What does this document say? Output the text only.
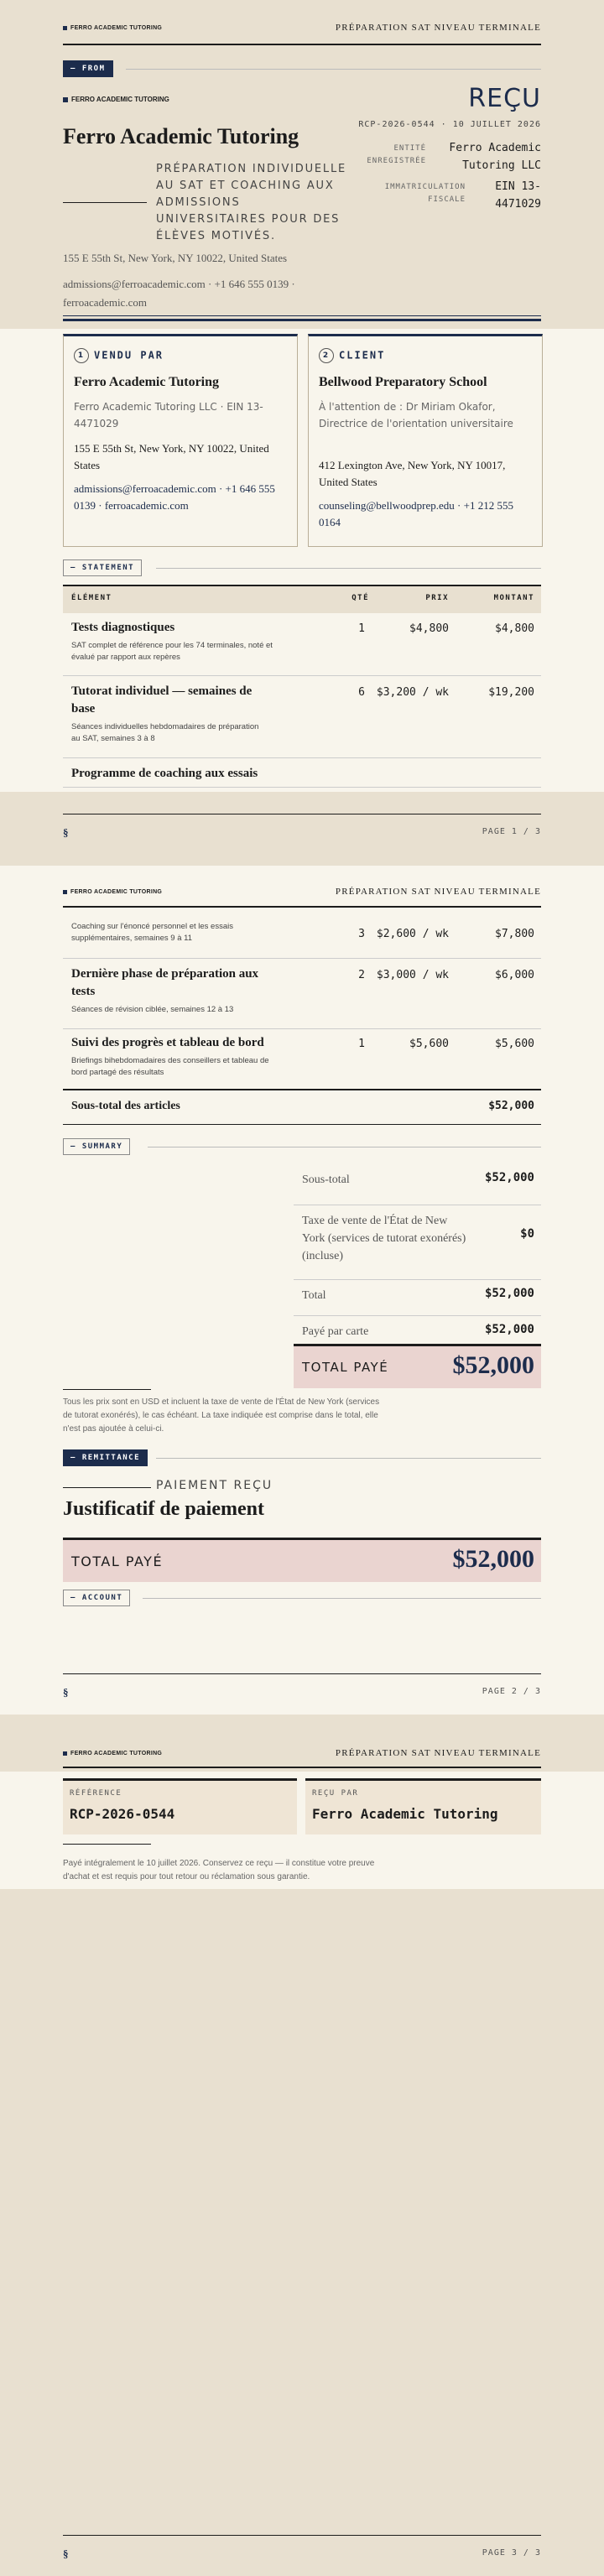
FERRO ACADEMIC TUTORING	PRÉPARATION SAT NIVEAU TERMINALE
— FROM
FERRO ACADEMIC TUTORING
Ferro Academic Tutoring
PRÉPARATION INDIVIDUELLE AU SAT ET COACHING AUX ADMISSIONS UNIVERSITAIRES POUR DES ÉLÈVES MOTIVÉS.
155 E 55th St, New York, NY 10022, United States
admissions@ferroacademic.com · +1 646 555 0139 · ferroacademic.com
REÇU
RCP-2026-0544 · 10 JUILLET 2026
ENTITÉ ENREGISTRÉE
Ferro Academic Tutoring LLC
IMMATRICULATION FISCALE
EIN 13-4471029
1 VENDU PAR
Ferro Academic Tutoring
Ferro Academic Tutoring LLC · EIN 13-4471029
155 E 55th St, New York, NY 10022, United States
admissions@ferroacademic.com · +1 646 555 0139 · ferroacademic.com
2 CLIENT
Bellwood Preparatory School
À l'attention de : Dr Miriam Okafor, Directrice de l'orientation universitaire
412 Lexington Ave, New York, NY 10017, United States
counseling@bellwoodprep.edu · +1 212 555 0164
— STATEMENT
ÉLÉMENT	QTÉ	PRIX	MONTANT
Tests diagnostiques
SAT complet de référence pour les 74 terminales, noté et évalué par rapport aux repères
1	$4,800	$4,800
Tutorat individuel — semaines de base
Séances individuelles hebdomadaires de préparation au SAT, semaines 3 à 8
6 $3,200 / wk	$19,200
Programme de coaching aux essais
§	PAGE 1 / 3
FERRO ACADEMIC TUTORING	PRÉPARATION SAT NIVEAU TERMINALE
Coaching sur l'énoncé personnel et les essais supplémentaires, semaines 9 à 11	3 $2,600 / wk	$7,800
Dernière phase de préparation aux tests
Séances de révision ciblée, semaines 12 à 13
2 $3,000 / wk	$6,000
Suivi des progrès et tableau de bord
Briefings bihebdomadaires des conseillers et tableau de bord partagé des résultats
1	$5,600	$5,600
Sous-total des articles	$52,000
— SUMMARY
Sous-total	$52,000
Taxe de vente de l'État de New York (services de tutorat exonérés) (incluse)
$0
Total	$52,000
Payé par carte	$52,000
TOTAL PAYÉ	$52,000
Tous les prix sont en USD et incluent la taxe de vente de l'État de New York (services de tutorat exonérés), le cas échéant. La taxe indiquée est comprise dans le total, elle n'est pas ajoutée à celui-ci.
— REMITTANCE
PAIEMENT REÇU
Justificatif de paiement
TOTAL PAYÉ	$52,000
— ACCOUNT
§	PAGE 2 / 3
FERRO ACADEMIC TUTORING	PRÉPARATION SAT NIVEAU TERMINALE
RÉFÉRENCE
RCP-2026-0544
REÇU PAR
Ferro Academic Tutoring
Payé intégralement le 10 juillet 2026. Conservez ce reçu — il constitue votre preuve d'achat et est requis pour tout retour ou réclamation sous garantie.
§	PAGE 3 / 3
